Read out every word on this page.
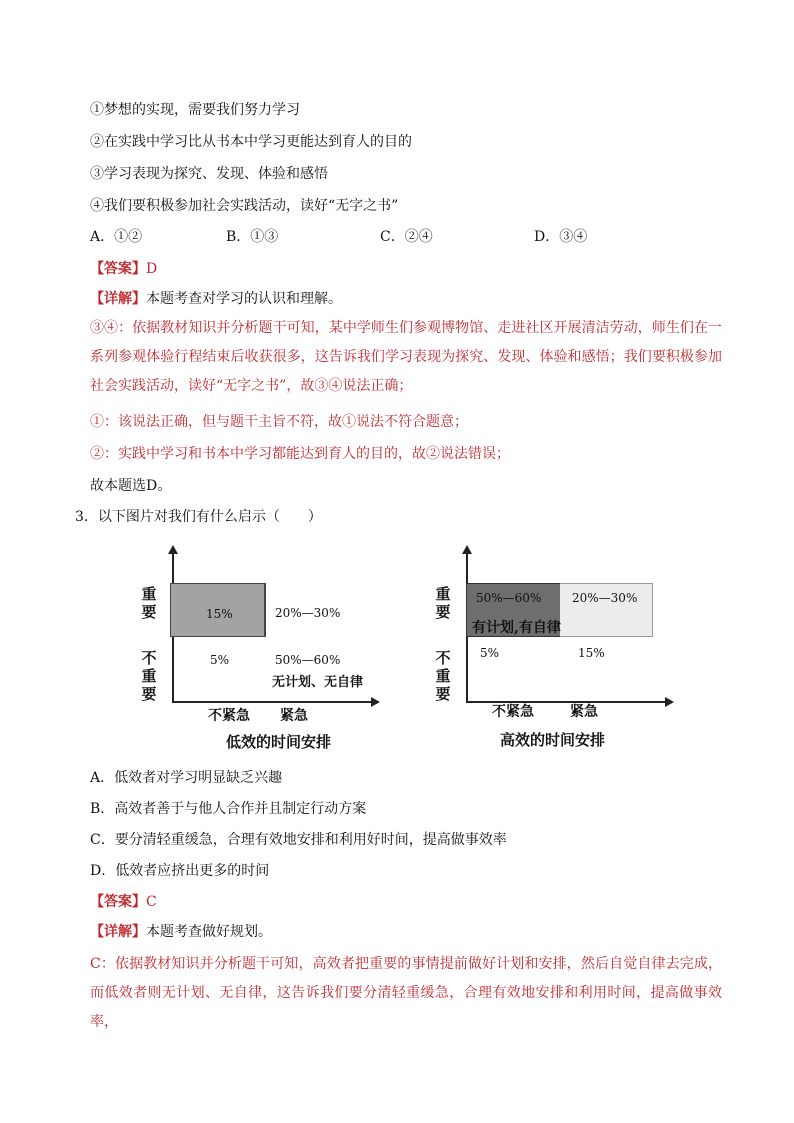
①梦想的实现，需要我们努力学习
②在实践中学习比从书本中学习更能达到育人的目的
③学习表现为探究、发现、体验和感悟
④我们要积极参加社会实践活动，读好“无字之书”
A．①②	B．①③	C．②④	D．③④
【答案】D
【详解】本题考查对学习的认识和理解。
③④：依据教材知识并分析题干可知，某中学师生们参观博物馆、走进社区开展清洁劳动，师生们在一系列参观体验行程结束后收获很多，这告诉我们学习表现为探究、发现、体验和感悟；我们要积极参加社会实践活动，读好“无字之书”，故③④说法正确；
①：该说法正确，但与题干主旨不符，故①说法不符合题意；
②：实践中学习和书本中学习都能达到育人的目的，故②说法错误；
故本题选D。
3．以下图片对我们有什么启示（　　）
15%	20%—30%
5%	50%—60%
无计划、无自律
重要
不重要
不紧急 紧急
低效的时间安排
50%—60%	20%—30%
有计划,有自律
5%	15%
重要
不重要
不紧急	紧急
高效的时间安排
A．低效者对学习明显缺乏兴趣
B．高效者善于与他人合作并且制定行动方案
C．要分清轻重缓急，合理有效地安排和利用好时间，提高做事效率
D．低效者应挤出更多的时间
【答案】C
【详解】本题考查做好规划。
C：依据教材知识并分析题干可知，高效者把重要的事情提前做好计划和安排，然后自觉自律去完成，而低效者则无计划、无自律，这告诉我们要分清轻重缓急，合理有效地安排和利用时间，提高做事效率，
